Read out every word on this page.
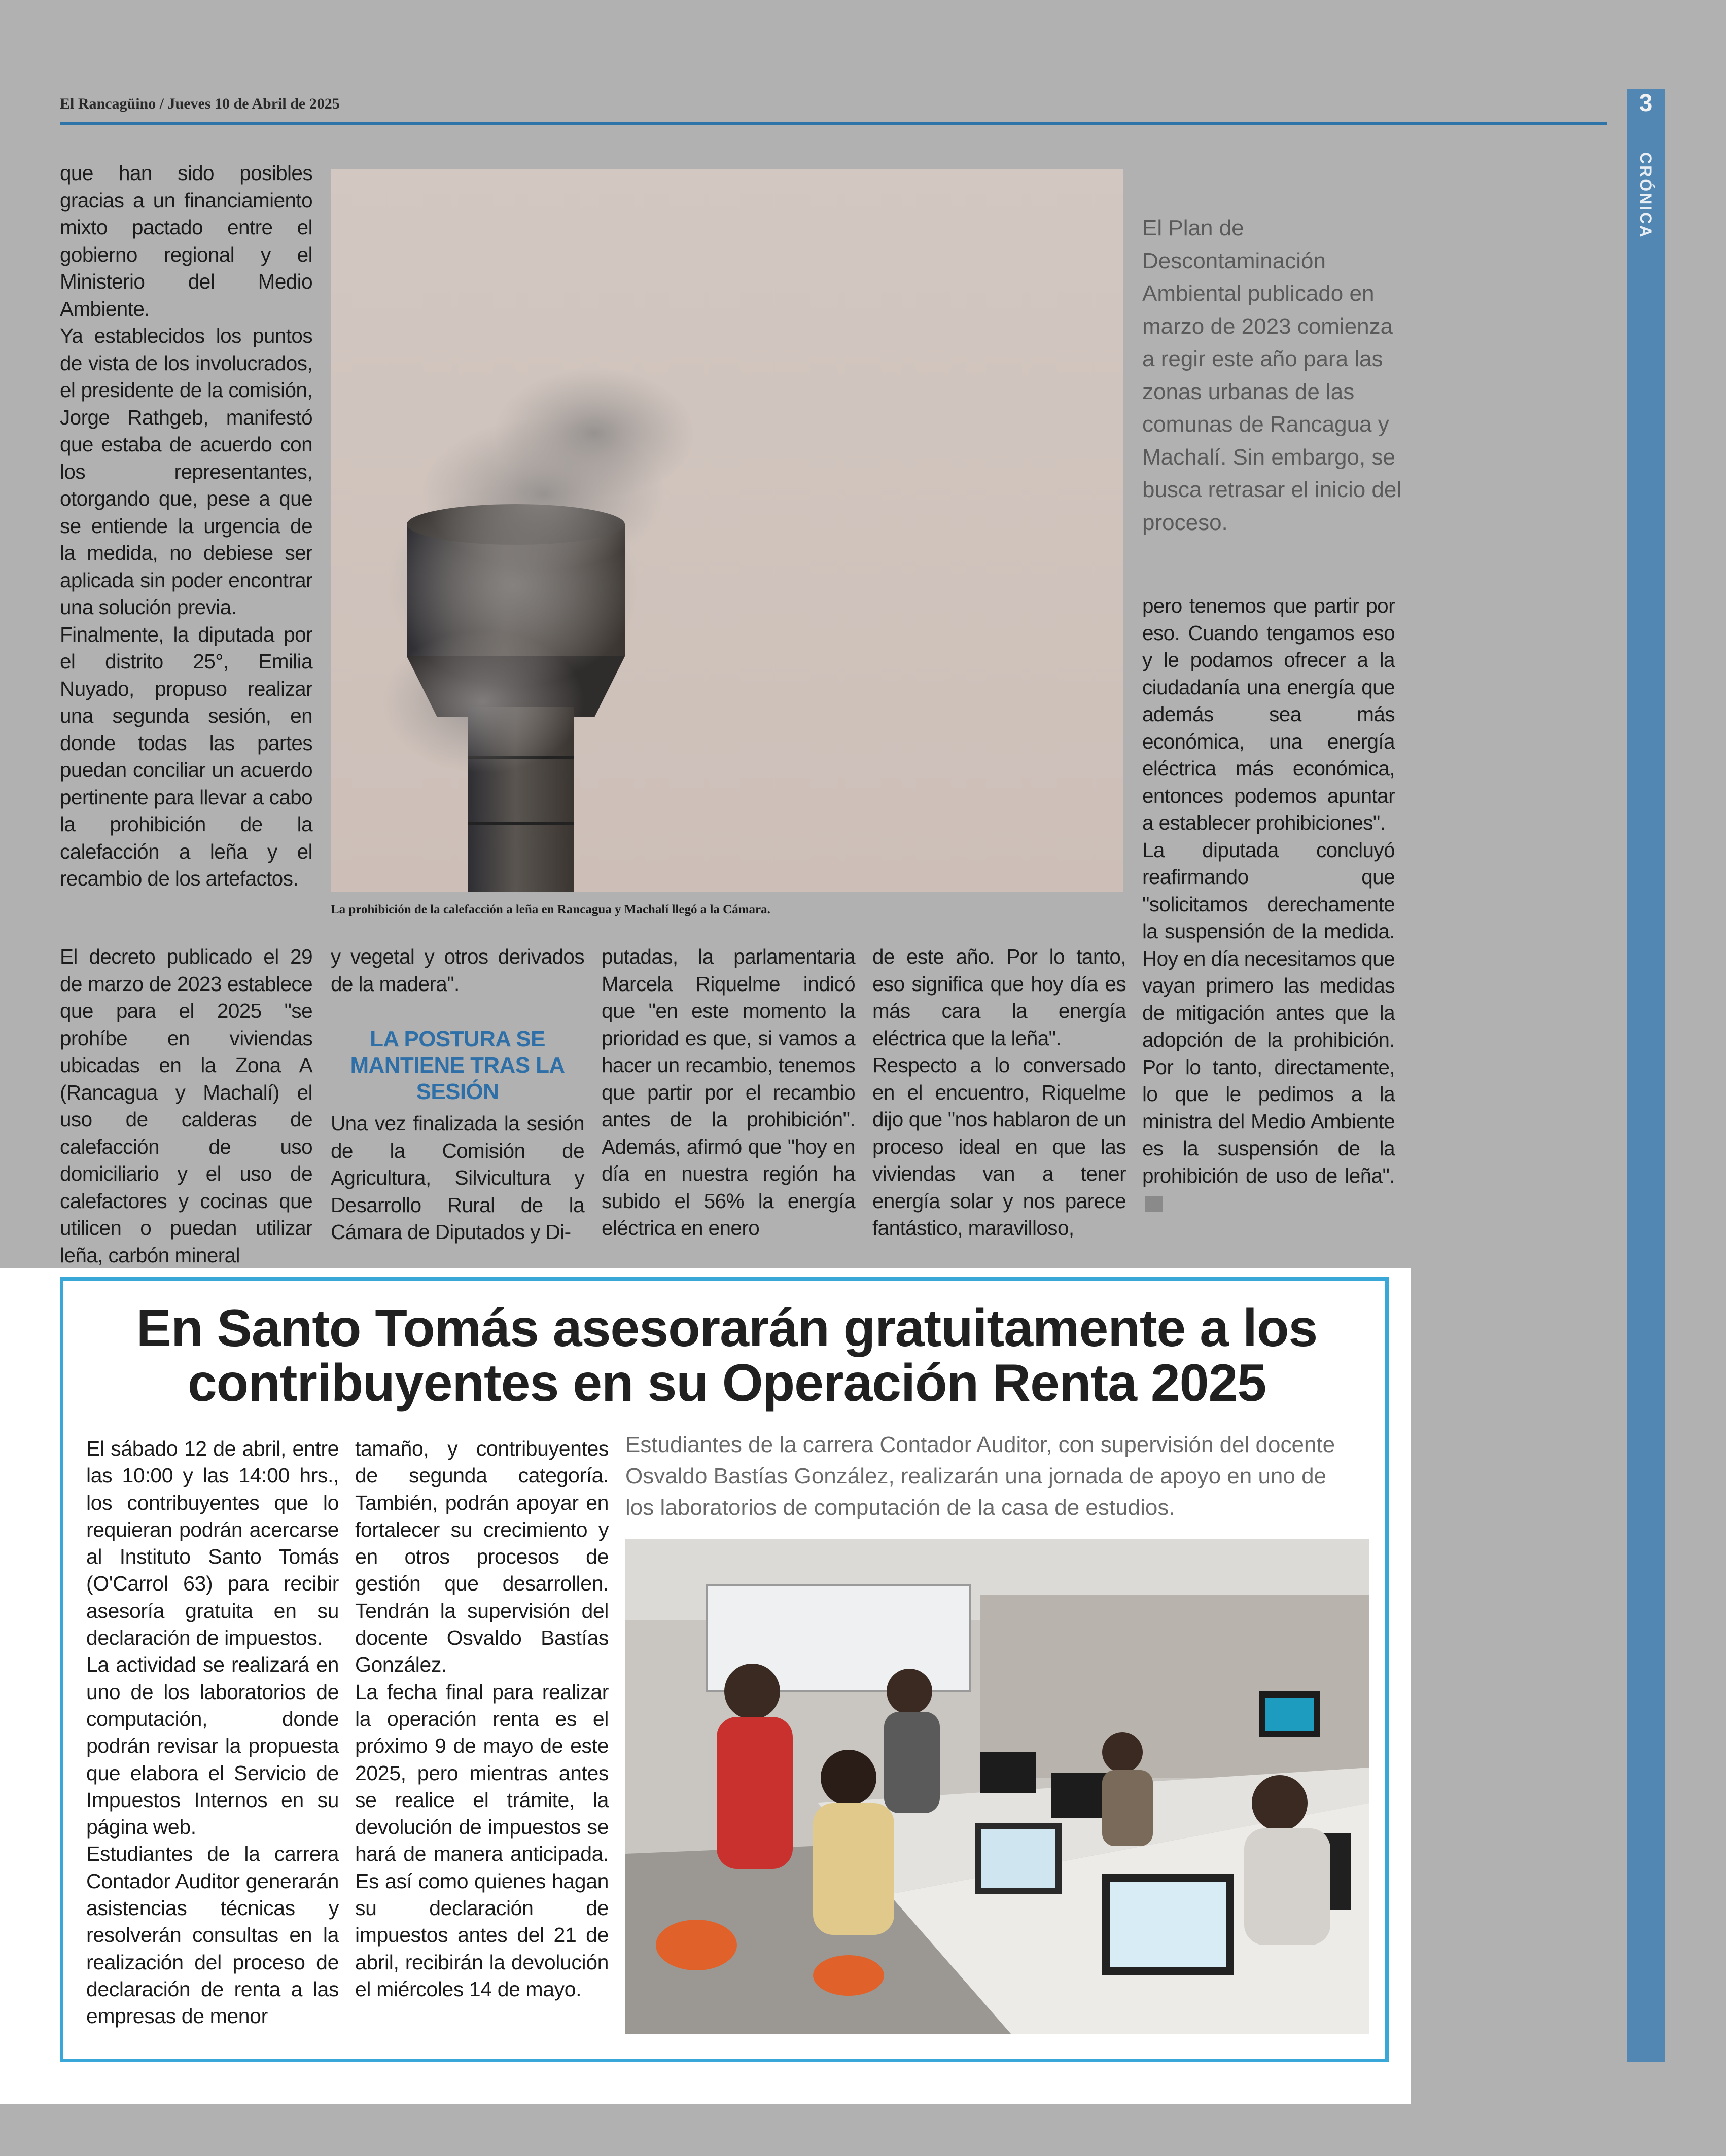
El Rancagüino / Jueves 10 de Abril de 2025	3
CRÓNICA

que han sido posibles gracias a un financiamiento mixto pactado entre el gobierno regional y el Ministerio del Medio Ambiente.

Ya establecidos los puntos de vista de los involucrados, el presidente de la comisión, Jorge Rathgeb, manifestó que estaba de acuerdo con los representantes, otorgando que, pese a que se entiende la urgencia de la medida, no debiese ser aplicada sin poder encontrar una solución previa.

Finalmente, la diputada por el distrito 25°, Emilia Nuyado, propuso realizar una segunda sesión, en donde todas las partes puedan conciliar un acuerdo pertinente para llevar a cabo la prohibición de la calefacción a leña y el recambio de los artefactos.

La prohibición de la calefacción a leña en Rancagua y Machalí llegó a la Cámara.
El Plan de Descontaminación Ambiental publicado en marzo de 2023 comienza a regir este año para las zonas urbanas de las comunas de Rancagua y Machalí. Sin embargo, se busca retrasar el inicio del proceso.

El decreto publicado el 29 de marzo de 2023 establece que para el 2025 "se prohíbe en viviendas ubicadas en la Zona A (Rancagua y Machalí) el uso de calderas de calefacción de uso domiciliario y el uso de calefactores y cocinas que utilicen o puedan utilizar leña, carbón mineral

y vegetal y otros derivados de la madera".

LA POSTURA SE MANTIENE TRAS LA SESIÓN

Una vez finalizada la sesión de la Comisión de Agricultura, Silvicultura y Desarrollo Rural de la Cámara de Diputados y Di-

putadas, la parlamentaria Marcela Riquelme indicó que "en este momento la prioridad es que, si vamos a hacer un recambio, tenemos que partir por el recambio antes de la prohibición". Además, afirmó que "hoy en día en nuestra región ha subido el 56% la energía eléctrica en enero

de este año. Por lo tanto, eso significa que hoy día es más cara la energía eléctrica que la leña".

Respecto a lo conversado en el encuentro, Riquelme dijo que "nos hablaron de un proceso ideal en que las viviendas van a tener energía solar y nos parece fantástico, maravilloso,

pero tenemos que partir por eso. Cuando tengamos eso y le podamos ofrecer a la ciudadanía una energía que además sea más económica, una energía eléctrica más económica, entonces podemos apuntar a establecer prohibiciones".

La diputada concluyó reafirmando que "solicitamos derechamente la suspensión de la medida. Hoy en día necesitamos que vayan primero las medidas de mitigación antes que la adopción de la prohibición. Por lo tanto, directamente, lo que le pedimos a la ministra del Medio Ambiente es la suspensión de la prohibición de uso de leña".

En Santo Tomás asesorarán gratuitamente a los contribuyentes en su Operación Renta 2025

El sábado 12 de abril, entre las 10:00 y las 14:00 hrs., los contribuyentes que lo requieran podrán acercarse al Instituto Santo Tomás (O'Carrol 63) para recibir asesoría gratuita en su declaración de impuestos.

La actividad se realizará en uno de los laboratorios de computación, donde podrán revisar la propuesta que elabora el Servicio de Impuestos Internos en su página web.

Estudiantes de la carrera Contador Auditor generarán asistencias técnicas y resolverán consultas en la realización del proceso de declaración de renta a las empresas de menor

tamaño, y contribuyentes de segunda categoría. También, podrán apoyar en fortalecer su crecimiento y en otros procesos de gestión que desarrollen. Tendrán la supervisión del docente Osvaldo Bastías González.

La fecha final para realizar la operación renta es el próximo 9 de mayo de este 2025, pero mientras antes se realice el trámite, la devolución de impuestos se hará de manera anticipada. Es así como quienes hagan su declaración de impuestos antes del 21 de abril, recibirán la devolución el miércoles 14 de mayo.

Estudiantes de la carrera Contador Auditor, con supervisión del docente Osvaldo Bastías González, realizarán una jornada de apoyo en uno de los laboratorios de computación de la casa de estudios.
